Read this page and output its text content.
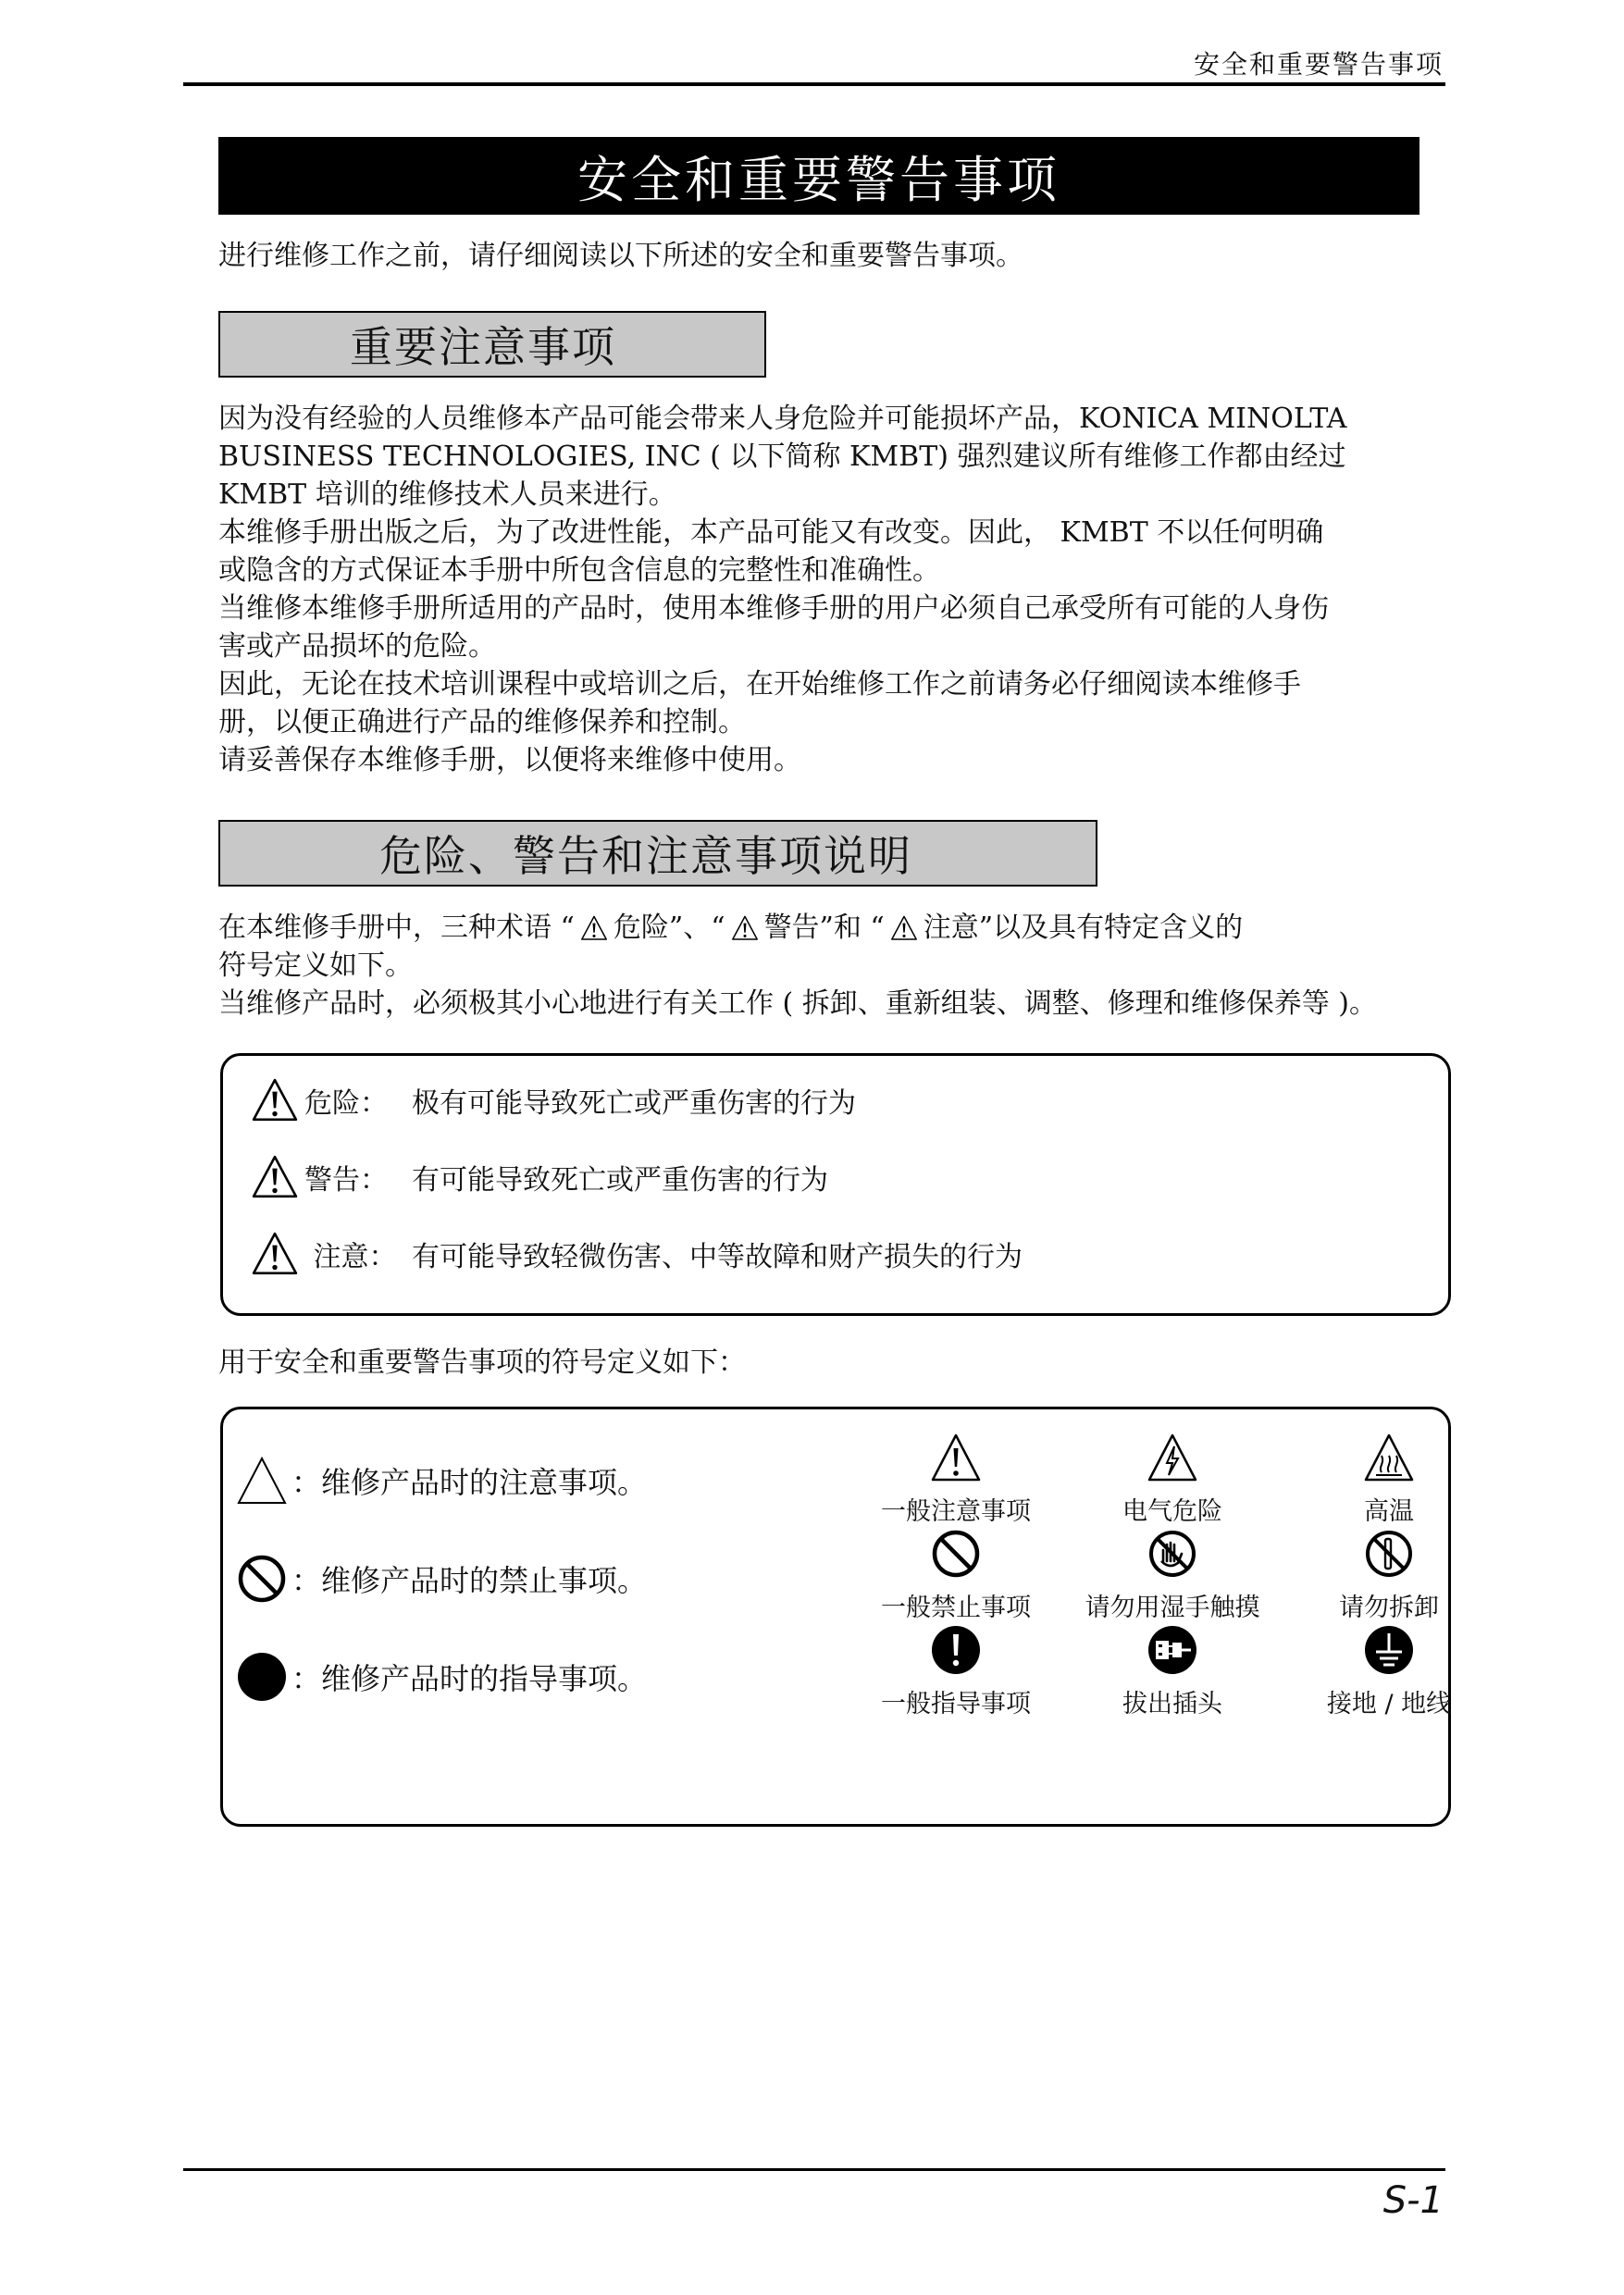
安全和重要警告事项
安全和重要警告事项
进行维修工作之前，请仔细阅读以下所述的安全和重要警告事项。
重要注意事项
因为没有经验的人员维修本产品可能会带来人身危险并可能损坏产品，KONICA MINOLTA
BUSINESS TECHNOLOGIES, INC ( 以下简称 KMBT) 强烈建议所有维修工作都由经过
KMBT 培训的维修技术人员来进行。
本维修手册出版之后，为了改进性能，本产品可能又有改变。因此， KMBT 不以任何明确
或隐含的方式保证本手册中所包含信息的完整性和准确性。
当维修本维修手册所适用的产品时，使用本维修手册的用户必须自己承受所有可能的人身伤
害或产品损坏的危险。
因此，无论在技术培训课程中或培训之后，在开始维修工作之前请务必仔细阅读本维修手
册，以便正确进行产品的维修保养和控制。
请妥善保存本维修手册，以便将来维修中使用。
危险、警告和注意事项说明
在本维修手册中，三种术语 “ 危险”、“ 警告”和 “ 注意”以及具有特定含义的
符号定义如下。
当维修产品时，必须极其小心地进行有关工作 ( 拆卸、重新组装、调整、修理和维修保养等 )。
危险： 极有可能导致死亡或严重伤害的行为
警告： 有可能导致死亡或严重伤害的行为
注意： 有可能导致轻微伤害、中等故障和财产损失的行为
用于安全和重要警告事项的符号定义如下：
：维修产品时的注意事项。
：维修产品时的禁止事项。
：维修产品时的指导事项。
一般注意事项	电气危险	高温
一般禁止事项	请勿用湿手触摸	请勿拆卸
一般指导事项	拔出插头	接地 / 地线
S-1
